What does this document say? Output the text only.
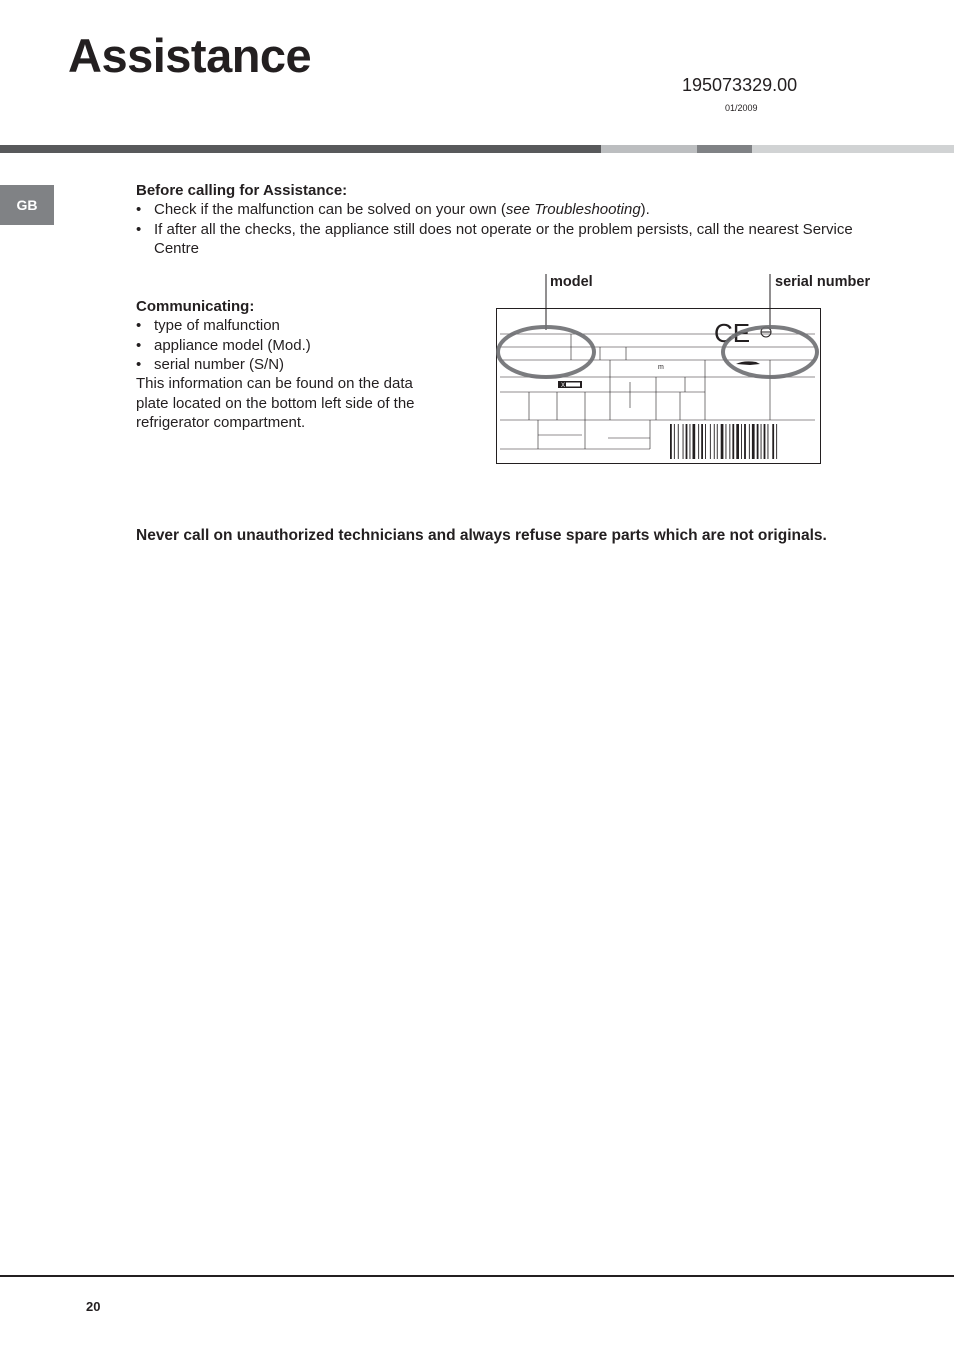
Assistance
195073329.00
01/2009
GB
Before calling for Assistance:
• Check if the malfunction can be solved on your own (see Troubleshooting).
• If after all the checks, the appliance still does not operate or the problem persists, call the nearest Service Centre
Communicating:
• type of malfunction
• appliance model (Mod.)
• serial number (S/N)

This information can be found on the data plate located on the bottom left side of the refrigerator compartment.

model	serial number
X
m
CE

Never call on unauthorized technicians and always refuse spare parts which are not originals.

20
